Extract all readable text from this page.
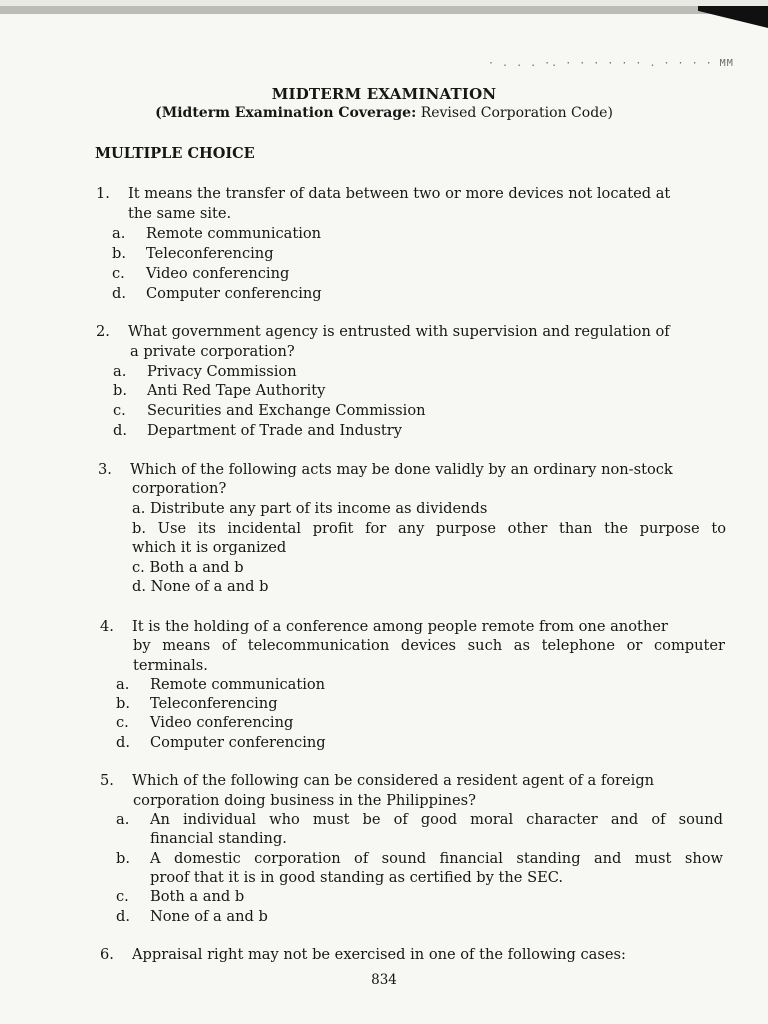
· . . . ·. · · · · · · . · · · · MM
MIDTERM EXAMINATION
(Midterm Examination Coverage: Revised Corporation Code)
MULTIPLE CHOICE
1. It means the transfer of data between two or more devices not located at
the same site.
a. Remote communication
b. Teleconferencing
c. Video conferencing
d. Computer conferencing
2. What government agency is entrusted with supervision and regulation of
a private corporation?
a. Privacy Commission
b. Anti Red Tape Authority
c. Securities and Exchange Commission
d. Department of Trade and Industry
3. Which of the following acts may be done validly by an ordinary non-stock
corporation?
a. Distribute any part of its income as dividends
b. Use its incidental profit for any purpose other than the purpose to
which it is organized
c. Both a and b
d. None of a and b
4. It is the holding of a conference among people remote from one another
by means of telecommunication devices such as telephone or computer
terminals.
a. Remote communication
b. Teleconferencing
c. Video conferencing
d. Computer conferencing
5. Which of the following can be considered a resident agent of a foreign
corporation doing business in the Philippines?
a. An individual who must be of good moral character and of sound
financial standing.
b. A domestic corporation of sound financial standing and must show
proof that it is in good standing as certified by the SEC.
c. Both a and b
d. None of a and b
6. Appraisal right may not be exercised in one of the following cases:
834
